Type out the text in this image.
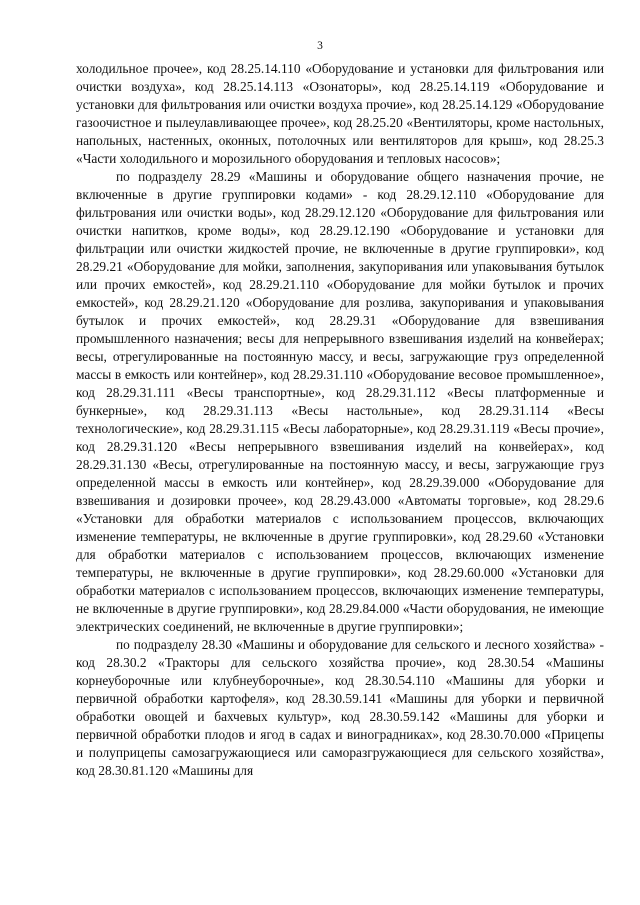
3

холодильное прочее», код 28.25.14.110 «Оборудование и установки для фильтрования или очистки воздуха», код 28.25.14.113 «Озонаторы», код 28.25.14.119 «Оборудование и установки для фильтрования или очистки воздуха прочие», код 28.25.14.129 «Оборудование газоочистное и пылеулавливающее прочее», код 28.25.20 «Вентиляторы, кроме настольных, напольных, настенных, оконных, потолочных или вентиляторов для крыш», код 28.25.3 «Части холодильного и морозильного оборудования и тепловых насосов»;

по подразделу 28.29 «Машины и оборудование общего назначения прочие, не включенные в другие группировки кодами» - код 28.29.12.110 «Оборудование для фильтрования или очистки воды», код 28.29.12.120 «Оборудование для фильтрования или очистки напитков, кроме воды», код 28.29.12.190 «Оборудование и установки для фильтрации или очистки жидкостей прочие, не включенные в другие группировки», код 28.29.21 «Оборудование для мойки, заполнения, закупоривания или упаковывания бутылок или прочих емкостей», код 28.29.21.110 «Оборудование для мойки бутылок и прочих емкостей», код 28.29.21.120 «Оборудование для розлива, закупоривания и упаковывания бутылок и прочих емкостей», код 28.29.31 «Оборудование для взвешивания промышленного назначения; весы для непрерывного взвешивания изделий на конвейерах; весы, отрегулированные на постоянную массу, и весы, загружающие груз определенной массы в емкость или контейнер», код 28.29.31.110 «Оборудование весовое промышленное», код 28.29.31.111 «Весы транспортные», код 28.29.31.112 «Весы платформенные и бункерные», код 28.29.31.113 «Весы настольные», код 28.29.31.114 «Весы технологические», код 28.29.31.115 «Весы лабораторные», код 28.29.31.119 «Весы прочие», код 28.29.31.120 «Весы непрерывного взвешивания изделий на конвейерах», код 28.29.31.130 «Весы, отрегулированные на постоянную массу, и весы, загружающие груз определенной массы в емкость или контейнер», код 28.29.39.000 «Оборудование для взвешивания и дозировки прочее», код 28.29.43.000 «Автоматы торговые», код 28.29.6 «Установки для обработки материалов с использованием процессов, включающих изменение температуры, не включенные в другие группировки», код 28.29.60 «Установки для обработки материалов с использованием процессов, включающих изменение температуры, не включенные в другие группировки», код 28.29.60.000 «Установки для обработки материалов с использованием процессов, включающих изменение температуры, не включенные в другие группировки», код 28.29.84.000 «Части оборудования, не имеющие электрических соединений, не включенные в другие группировки»;

по подразделу 28.30 «Машины и оборудование для сельского и лесного хозяйства» - код 28.30.2 «Тракторы для сельского хозяйства прочие», код 28.30.54 «Машины корнеуборочные или клубнеуборочные», код 28.30.54.110 «Машины для уборки и первичной обработки картофеля», код 28.30.59.141 «Машины для уборки и первичной обработки овощей и бахчевых культур», код 28.30.59.142 «Машины для уборки и первичной обработки плодов и ягод в садах и виноградниках», код 28.30.70.000 «Прицепы и полуприцепы самозагружающиеся или саморазгружающиеся для сельского хозяйства», код 28.30.81.120 «Машины для
